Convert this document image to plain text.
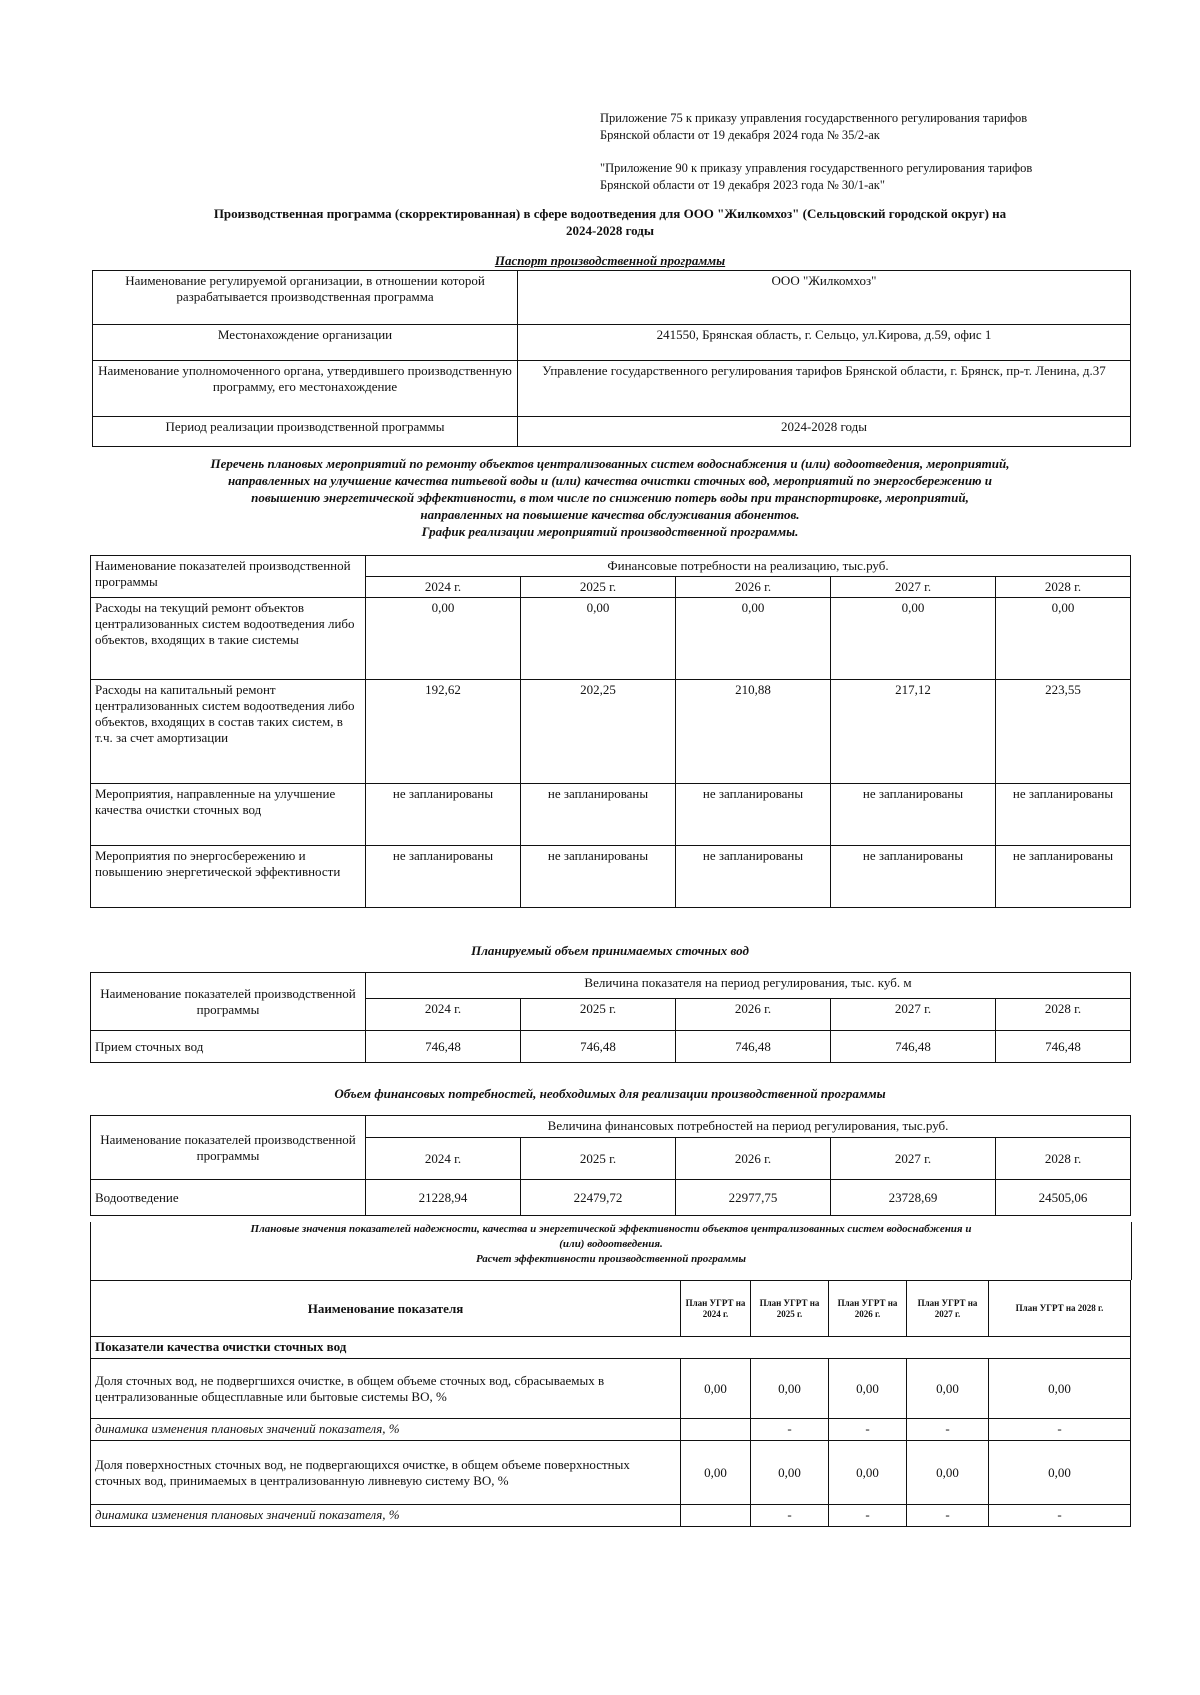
Приложение 75 к приказу управления государственного регулирования тарифов
Брянской области от 19 декабря 2024 года № 35/2-ак
"Приложение 90 к приказу управления государственного регулирования тарифов
Брянской области от 19 декабря 2023 года № 30/1-ак"
Производственная программа (скорректированная) в сфере водоотведения для ООО "Жилкомхоз" (Сельцовский городской округ) на
2024-2028 годы
Паспорт производственной программы
Наименование регулируемой организации, в отношении которой разрабатывается производственная программа	ООО "Жилкомхоз"
Местонахождение организации	241550, Брянская область, г. Сельцо, ул.Кирова, д.59, офис 1
Наименование уполномоченного органа, утвердившего производственную программу, его местонахождение	Управление государственного регулирования тарифов Брянской области, г. Брянск, пр-т. Ленина, д.37
Период реализации производственной программы	2024-2028 годы
Перечень плановых мероприятий по ремонту объектов централизованных систем водоснабжения и (или) водоотведения, мероприятий,
направленных на улучшение качества питьевой воды и (или) качества очистки сточных вод, мероприятий по энергосбережению и
повышению энергетической эффективности, в том числе по снижению потерь воды при транспортировке, мероприятий,
направленных на повышение качества обслуживания абонентов.
График реализации мероприятий производственной программы.
Наименование показателей производственной программы	Финансовые потребности на реализацию, тыс.руб.				
	2024 г.	2025 г.	2026 г.	2027 г.	2028 г.
Расходы на текущий ремонт объектов централизованных систем водоотведения либо объектов, входящих в такие системы	0,00	0,00	0,00	0,00	0,00
Расходы на капитальный ремонт централизованных систем водоотведения либо объектов, входящих в состав таких систем, в т.ч. за счет амортизации	192,62	202,25	210,88	217,12	223,55
Мероприятия, направленные на улучшение качества очистки сточных вод	не запланированы	не запланированы	не запланированы	не запланированы	не запланированы
Мероприятия по энергосбережению и повышению энергетической эффективности	не запланированы	не запланированы	не запланированы	не запланированы	не запланированы
Планируемый объем принимаемых сточных вод
Наименование показателей производственной программы	Величина показателя на период регулирования, тыс. куб. м				
	2024 г.	2025 г.	2026 г.	2027 г.	2028 г.
Прием сточных вод	746,48	746,48	746,48	746,48	746,48
Объем финансовых потребностей, необходимых для реализации производственной программы
Наименование показателей производственной программы	Величина финансовых потребностей на период регулирования, тыс.руб.				
	2024 г.	2025 г.	2026 г.	2027 г.	2028 г.
Водоотведение	21228,94	22479,72	22977,75	23728,69	24505,06
Плановые значения показателей надежности, качества и энергетической эффективности объектов централизованных систем водоснабжения и
(или) водоотведения.
Расчет эффективности производственной программы
Наименование показателя	План УГРТ на 2024 г.	План УГРТ на 2025 г.	План УГРТ на 2026 г.	План УГРТ на 2027 г.	План УГРТ на 2028 г.
Показатели качества очистки сточных вод					
Доля сточных вод, не подвергшихся очистке, в общем объеме сточных вод, сбрасываемых в централизованные общесплавные или бытовые системы ВО, %	0,00	0,00	0,00	0,00	0,00
динамика изменения плановых значений показателя, %		-	-	-	-
Доля поверхностных сточных вод, не подвергающихся очистке, в общем объеме поверхностных сточных вод, принимаемых в централизованную ливневую систему ВО, %	0,00	0,00	0,00	0,00	0,00
динамика изменения плановых значений показателя, %		-	-	-	-
